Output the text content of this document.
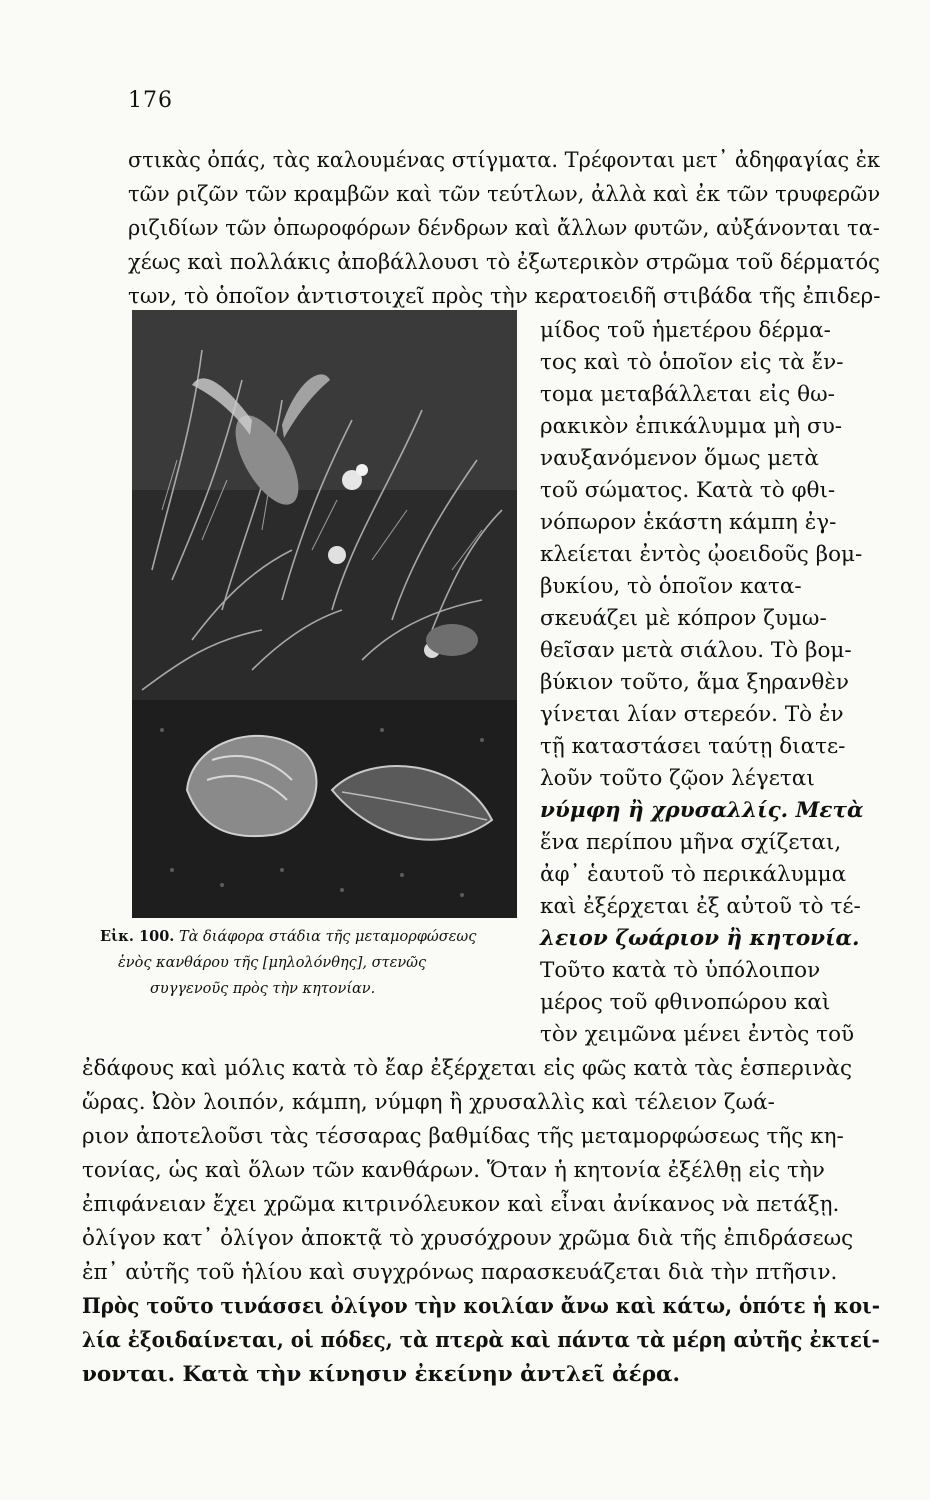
176
στικὰς ὀπάς, τὰς καλουμένας στίγματα. Τρέφονται μετ᾽ ἀδηφαγίας ἐκ
τῶν ριζῶν τῶν κραμβῶν καὶ τῶν τεύτλων, ἀλλὰ καὶ ἐκ τῶν τρυφερῶν
ριζιδίων τῶν ὀπωροφόρων δένδρων καὶ ἄλλων φυτῶν, αὐξάνονται τα-
χέως καὶ πολλάκις ἀποβάλλουσι τὸ ἐξωτερικὸν στρῶμα τοῦ δέρματός
των, τὸ ὁποῖον ἀντιστοιχεῖ πρὸς τὴν κερατοειδῆ στιβάδα τῆς ἐπιδερ-
μίδος τοῦ ἡμετέρου δέρμα-
τος καὶ τὸ ὁποῖον εἰς τὰ ἔν-
τομα μεταβάλλεται εἰς θω-
ρακικὸν ἐπικάλυμμα μὴ συ-
ναυξανόμενον ὅμως μετὰ
τοῦ σώματος. Κατὰ τὸ φθι-
νόπωρον ἑκάστη κάμπη ἐγ-
κλείεται ἐντὸς ᾠοειδοῦς βομ-
βυκίου, τὸ ὁποῖον κατα-
σκευάζει μὲ κόπρον ζυμω-
θεῖσαν μετὰ σιάλου. Τὸ βομ-
βύκιον τοῦτο, ἅμα ξηρανθὲν
γίνεται λίαν στερεόν. Τὸ ἐν
τῇ καταστάσει ταύτῃ διατε-
λοῦν τοῦτο ζῷον λέγεται
νύμφη ἢ χρυσαλλίς. Μετὰ
ἕνα περίπου μῆνα σχίζεται,
ἀφ᾽ ἑαυτοῦ τὸ περικάλυμμα
καὶ ἐξέρχεται ἐξ αὐτοῦ τὸ τέ-
λειον ζωάριον ἢ κητονία.
Τοῦτο κατὰ τὸ ὑπόλοιπον
μέρος τοῦ φθινοπώρου καὶ
τὸν χειμῶνα μένει ἐντὸς τοῦ
Εἰκ. 100. Τὰ διάφορα στάδια τῆς μεταμορφώσεως
ἑνὸς κανθάρου τῆς [μηλολόνθης], στενῶς
συγγενοῦς πρὸς τὴν κητονίαν.
ἐδάφους καὶ μόλις κατὰ τὸ ἔαρ ἐξέρχεται εἰς φῶς κατὰ τὰς ἑσπερινὰς
ὥρας. Ὠὸν λοιπόν, κάμπη, νύμφη ἢ χρυσαλλὶς καὶ τέλειον ζωά-
ριον ἀποτελοῦσι τὰς τέσσαρας βαθμίδας τῆς μεταμορφώσεως τῆς κη-
τονίας, ὡς καὶ ὅλων τῶν κανθάρων. Ὅταν ἡ κητονία ἐξέλθῃ εἰς τὴν
ἐπιφάνειαν ἔχει χρῶμα κιτρινόλευκον καὶ εἶναι ἀνίκανος νὰ πετάξῃ.
ὀλίγον κατ᾽ ὀλίγον ἀποκτᾷ τὸ χρυσόχρουν χρῶμα διὰ τῆς ἐπιδράσεως
ἐπ᾽ αὐτῆς τοῦ ἡλίου καὶ συγχρόνως παρασκευάζεται διὰ τὴν πτῆσιν.
Πρὸς τοῦτο τινάσσει ὀλίγον τὴν κοιλίαν ἄνω καὶ κάτω, ὁπότε ἡ κοι-
λία ἐξοιδαίνεται, οἱ πόδες, τὰ πτερὰ καὶ πάντα τὰ μέρη αὐτῆς ἐκτεί-
νονται. Κατὰ τὴν κίνησιν ἐκείνην ἀντλεῖ ἀέρα.
